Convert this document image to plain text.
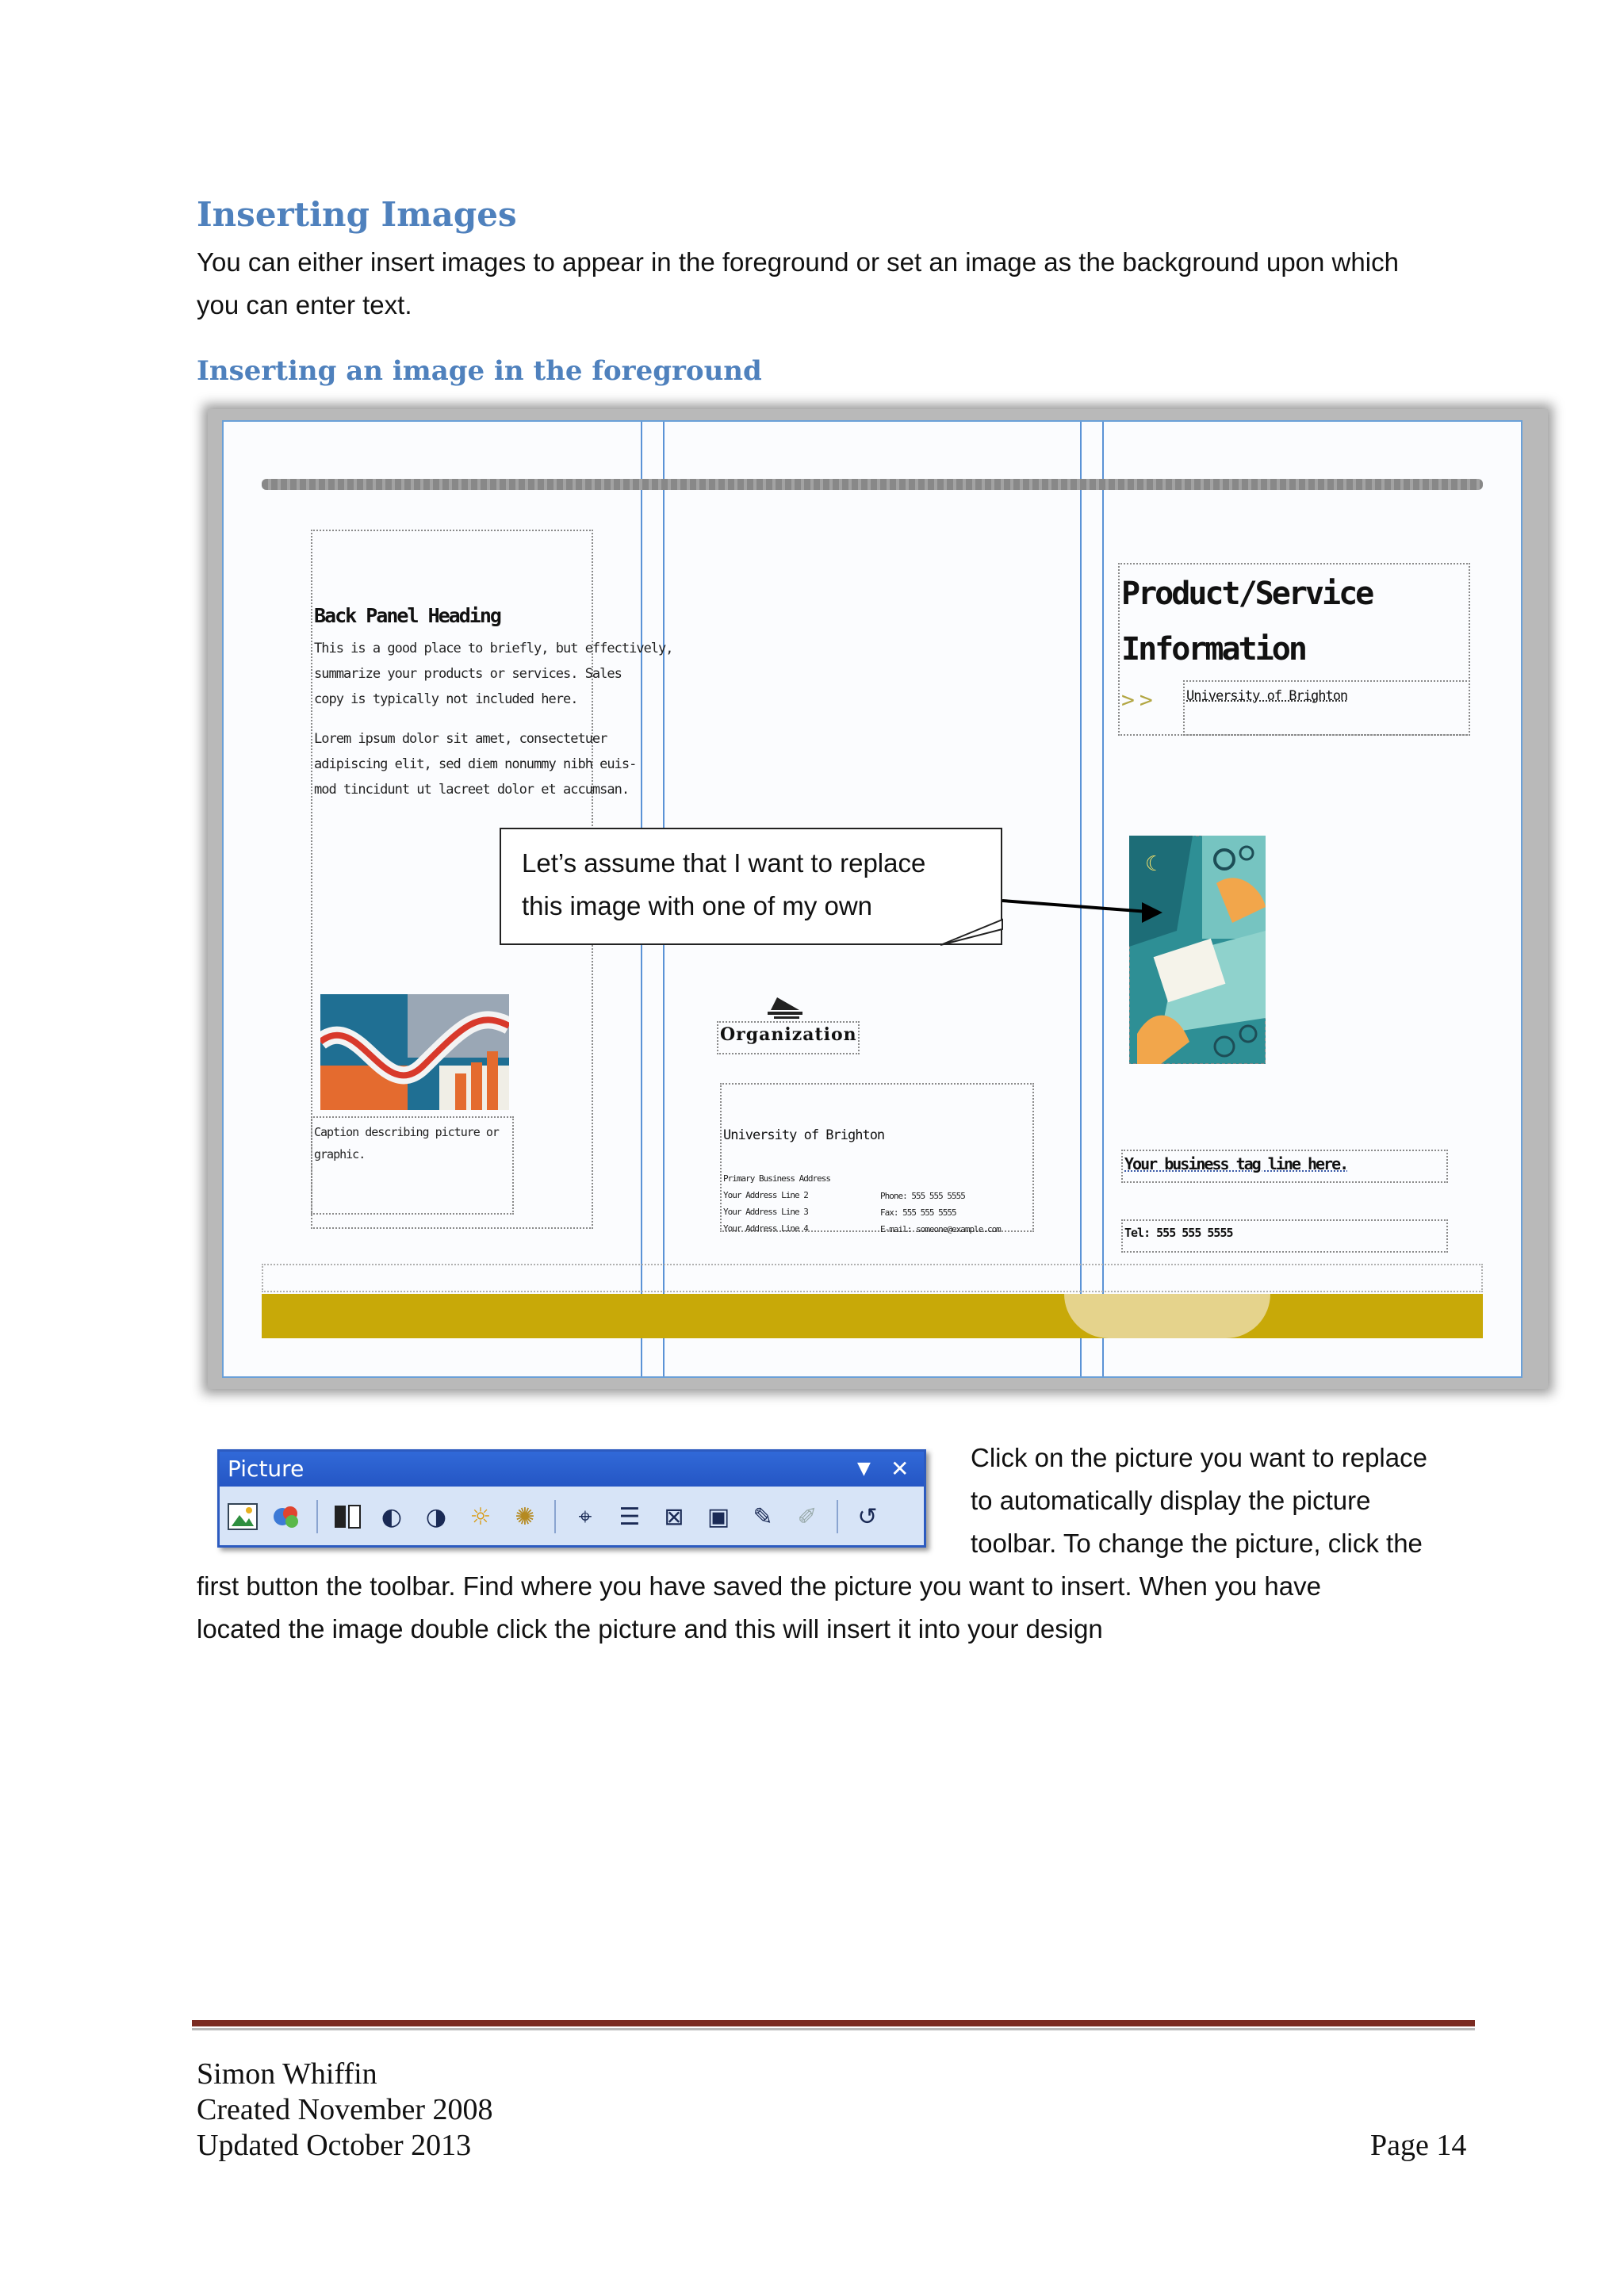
Inserting Images
You can either insert images to appear in the foreground or set an image as the background upon which
you can enter text.
Inserting an image in the foreground
Back Panel Heading
This is a good place to briefly, but effectively,
summarize your products or services. Sales
copy is typically not included here.
Lorem ipsum dolor sit amet, consectetuer
adipiscing elit, sed diem nonummy nibh euis-
mod tincidunt ut lacreet dolor et accumsan.
Caption describing picture or
graphic.
Organization
University of Brighton
Primary Business Address
Your Address Line 2
Your Address Line 3
Your Address Line 4
Phone: 555 555 5555
Fax: 555 555 5555
E-mail: someone@example.com
Product/Service
Information
>> University of Brighton
☾
Your business tag line here.
Tel: 555 555 5555
Let’s assume that I want to replace
this image with one of my own
Picture	▼ ✕
◐ ◑ ☼ ✺	⌖	☰ ⊠ ▣ ✎	✐	↺
Click on the picture you want to replace
to automatically display the picture
toolbar. To change the picture, click the
first button the toolbar. Find where you have saved the picture you want to insert. When you have
located the image double click the picture and this will insert it into your design
Simon Whiffin
Created November 2008
Updated October 2013	Page 14
